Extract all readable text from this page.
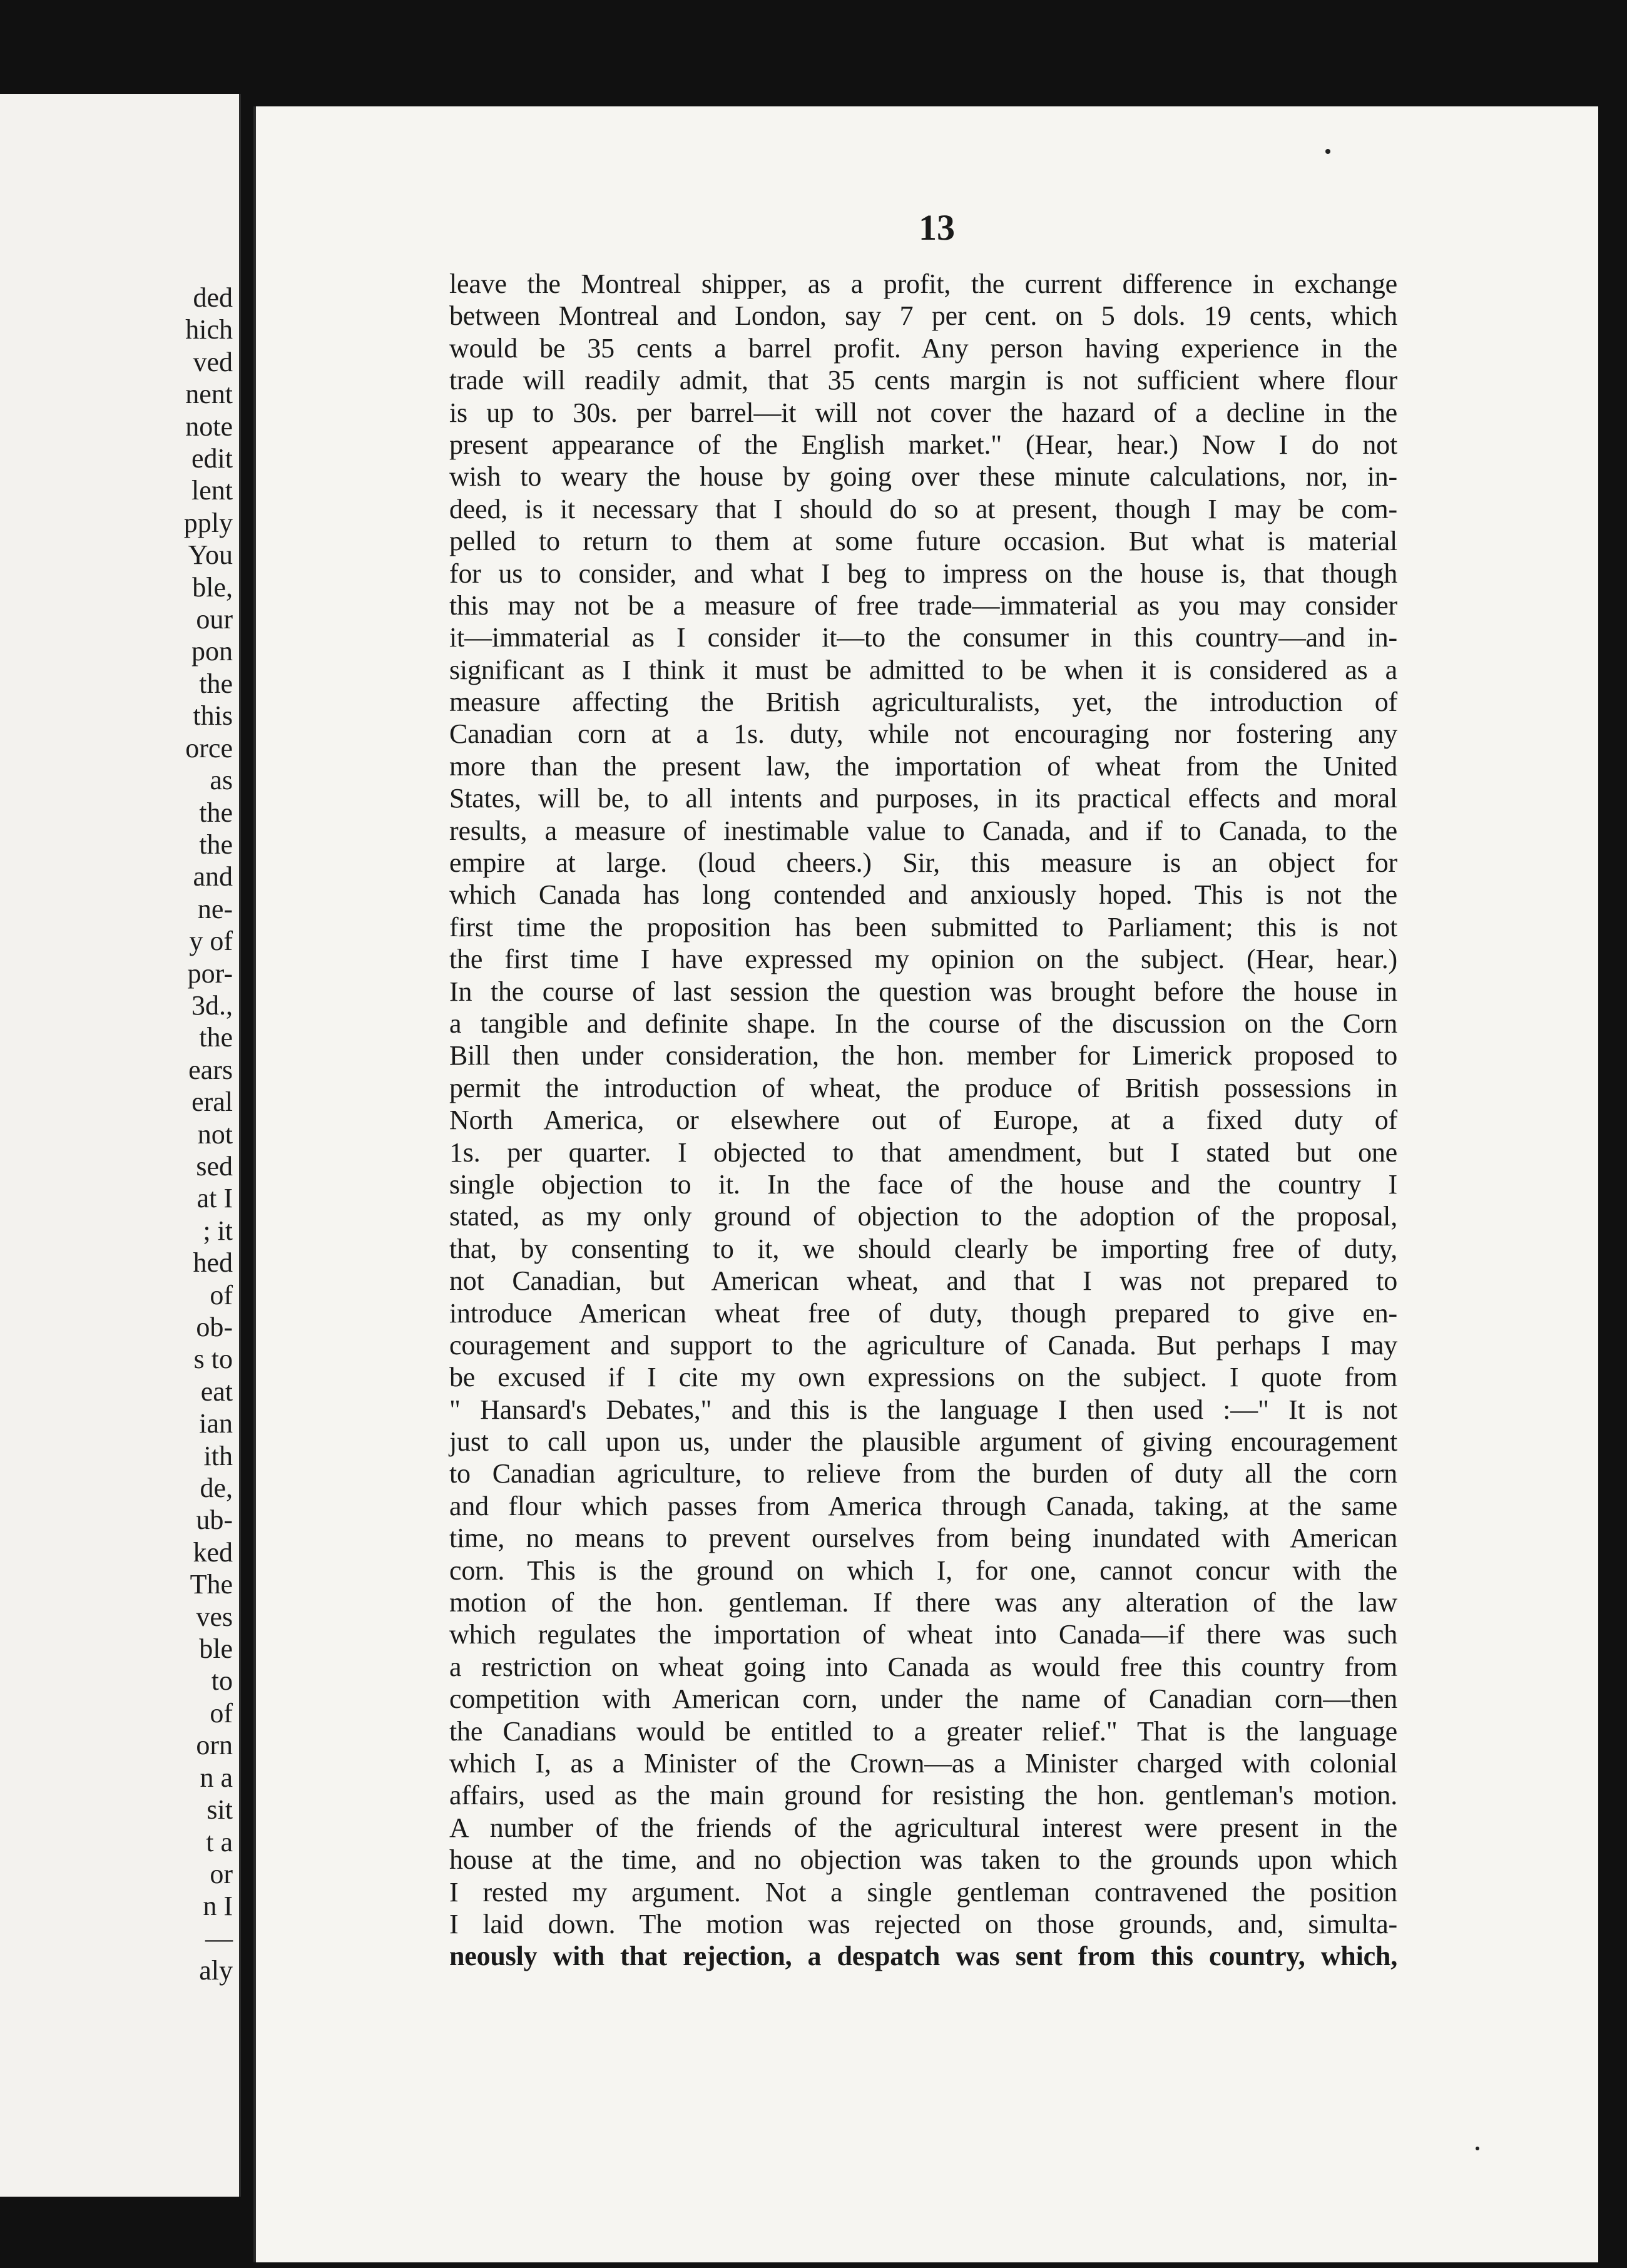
ded
hich
ved
nent
note
edit
lent
pply
You
ble,
our
pon
the
this
orce
as
the
the
and
ne-
y of
por-
3d.,
the
ears
eral
not
sed
at I
; it
hed
of
ob-
s to
eat
ian
ith
de,
ub-
ked
The
ves
ble
to
of
orn
n a
sit
t a
or
n I
—
aly
13
leave the Montreal shipper, as a profit, the current difference in exchange
between Montreal and London, say 7 per cent. on 5 dols. 19 cents, which
would be 35 cents a barrel profit. Any person having experience in the
trade will readily admit, that 35 cents margin is not sufficient where flour
is up to 30s. per barrel—it will not cover the hazard of a decline in the
present appearance of the English market." (Hear, hear.) Now I do not
wish to weary the house by going over these minute calculations, nor, in-
deed, is it necessary that I should do so at present, though I may be com-
pelled to return to them at some future occasion. But what is material
for us to consider, and what I beg to impress on the house is, that though
this may not be a measure of free trade—immaterial as you may consider
it—immaterial as I consider it—to the consumer in this country—and in-
significant as I think it must be admitted to be when it is considered as a
measure affecting the British agriculturalists, yet, the introduction of
Canadian corn at a 1s. duty, while not encouraging nor fostering any
more than the present law, the importation of wheat from the United
States, will be, to all intents and purposes, in its practical effects and moral
results, a measure of inestimable value to Canada, and if to Canada, to the
empire at large. (loud cheers.) Sir, this measure is an object for
which Canada has long contended and anxiously hoped. This is not the
first time the proposition has been submitted to Parliament; this is not
the first time I have expressed my opinion on the subject. (Hear, hear.)
In the course of last session the question was brought before the house in
a tangible and definite shape. In the course of the discussion on the Corn
Bill then under consideration, the hon. member for Limerick proposed to
permit the introduction of wheat, the produce of British possessions in
North America, or elsewhere out of Europe, at a fixed duty of
1s. per quarter. I objected to that amendment, but I stated but one
single objection to it. In the face of the house and the country I
stated, as my only ground of objection to the adoption of the proposal,
that, by consenting to it, we should clearly be importing free of duty,
not Canadian, but American wheat, and that I was not prepared to
introduce American wheat free of duty, though prepared to give en-
couragement and support to the agriculture of Canada. But perhaps I may
be excused if I cite my own expressions on the subject. I quote from
" Hansard's Debates," and this is the language I then used :—" It is not
just to call upon us, under the plausible argument of giving encouragement
to Canadian agriculture, to relieve from the burden of duty all the corn
and flour which passes from America through Canada, taking, at the same
time, no means to prevent ourselves from being inundated with American
corn. This is the ground on which I, for one, cannot concur with the
motion of the hon. gentleman. If there was any alteration of the law
which regulates the importation of wheat into Canada—if there was such
a restriction on wheat going into Canada as would free this country from
competition with American corn, under the name of Canadian corn—then
the Canadians would be entitled to a greater relief." That is the language
which I, as a Minister of the Crown—as a Minister charged with colonial
affairs, used as the main ground for resisting the hon. gentleman's motion.
A number of the friends of the agricultural interest were present in the
house at the time, and no objection was taken to the grounds upon which
I rested my argument. Not a single gentleman contravened the position
I laid down. The motion was rejected on those grounds, and, simulta-
neously with that rejection, a despatch was sent from this country, which,
